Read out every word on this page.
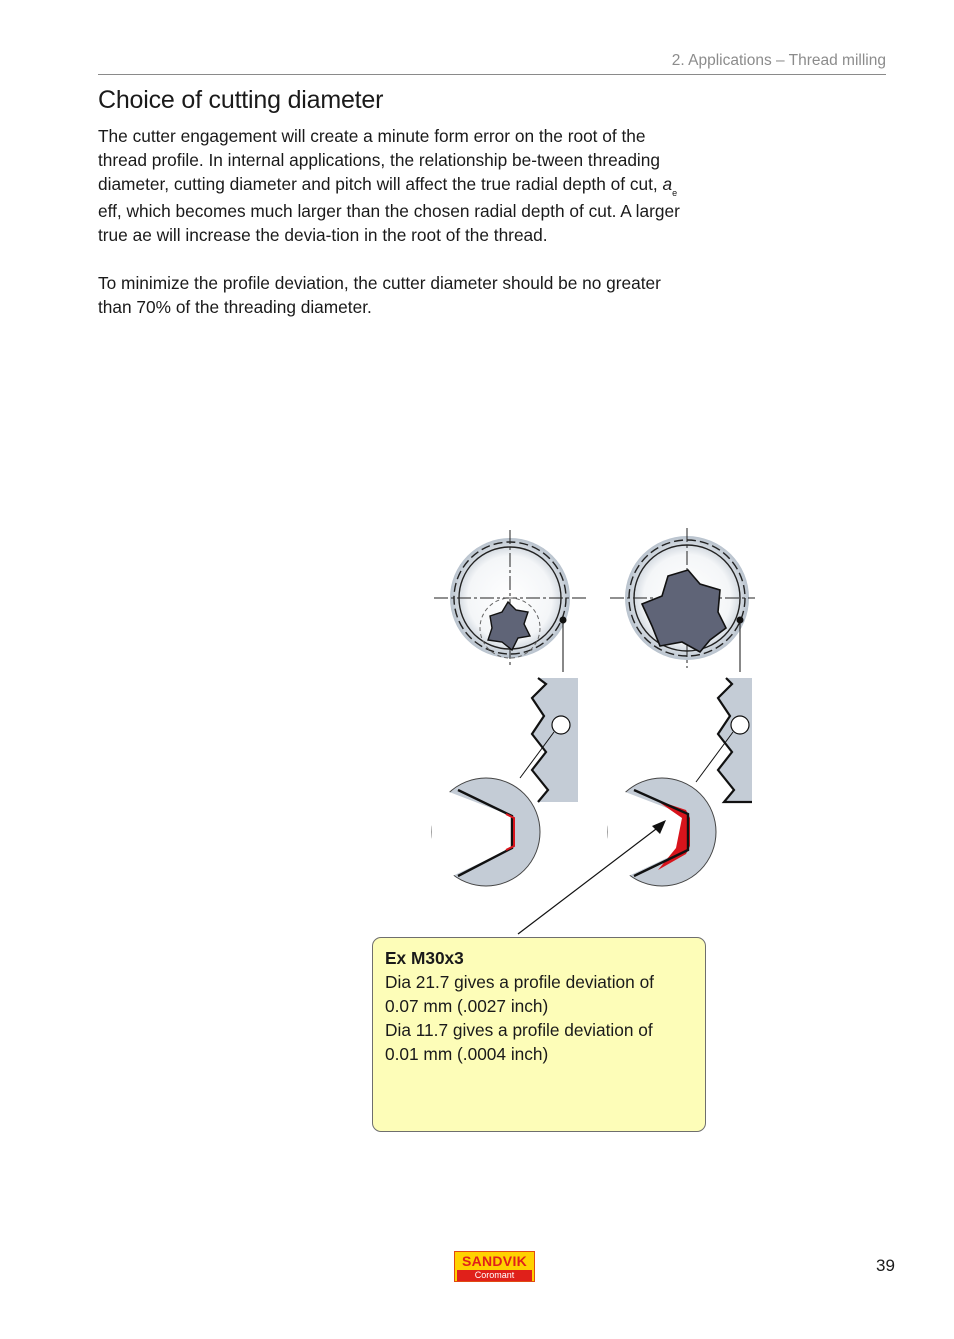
2. Applications – Thread milling
Choice of cutting diameter

The cutter engagement will create a minute form error on the root of the thread profile. In internal applications, the relationship be-tween threading diameter, cutting diameter and pitch will affect the true radial depth of cut, $a_e$ eff, which becomes much larger than the chosen radial depth of cut. A larger true ae will increase the devia-tion in the root of the thread.

To minimize the profile deviation, the cutter diameter should be no greater than 70% of the threading diameter.

Ex M30x3
Dia 21.7 gives a profile deviation of
0.07 mm (.0027 inch)
Dia 11.7 gives a profile deviation of
0.01 mm (.0004 inch)
SANDVIK
Coromant	39
